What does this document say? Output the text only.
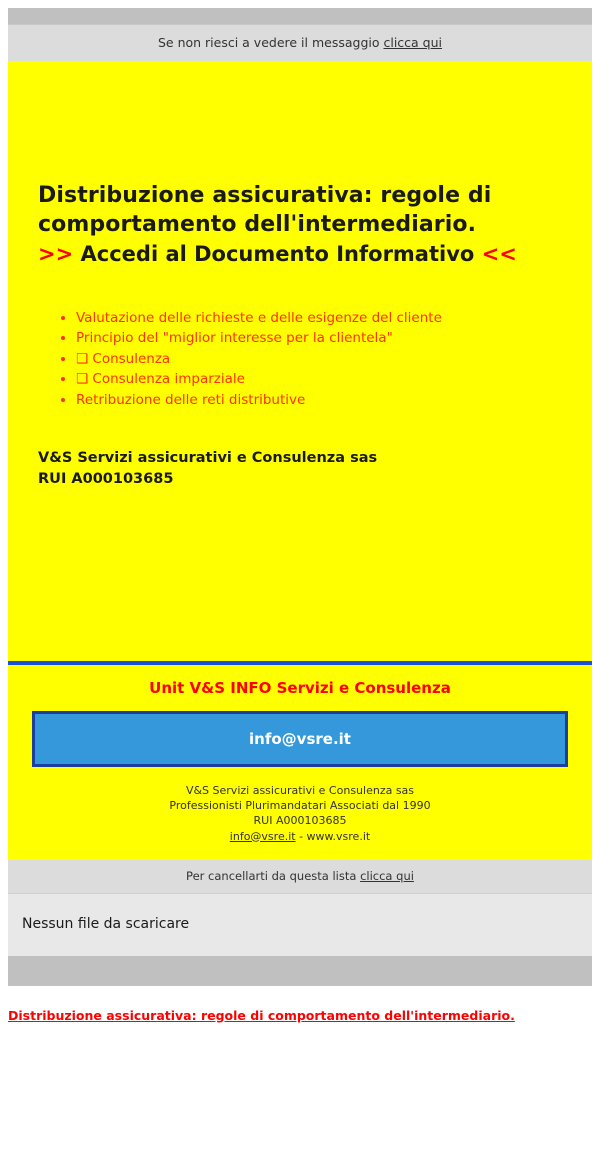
Se non riesci a vedere il messaggio clicca qui
Distribuzione assicurativa: regole di
comportamento dell'intermediario.
>> Accedi al Documento Informativo <<
• Valutazione delle richieste e delle esigenze del cliente
• Principio del "miglior interesse per la clientela"
• ❑ Consulenza
• ❑ Consulenza imparziale
• Retribuzione delle reti distributive
V&S Servizi assicurativi e Consulenza sas
RUI A000103685
Unit V&S INFO Servizi e Consulenza
info@vsre.it
V&S Servizi assicurativi e Consulenza sas
Professionisti Plurimandatari Associati dal 1990
RUI A000103685
info@vsre.it - www.vsre.it
Per cancellarti da questa lista clicca qui
Nessun file da scaricare
Distribuzione assicurativa: regole di comportamento dell'intermediario.
